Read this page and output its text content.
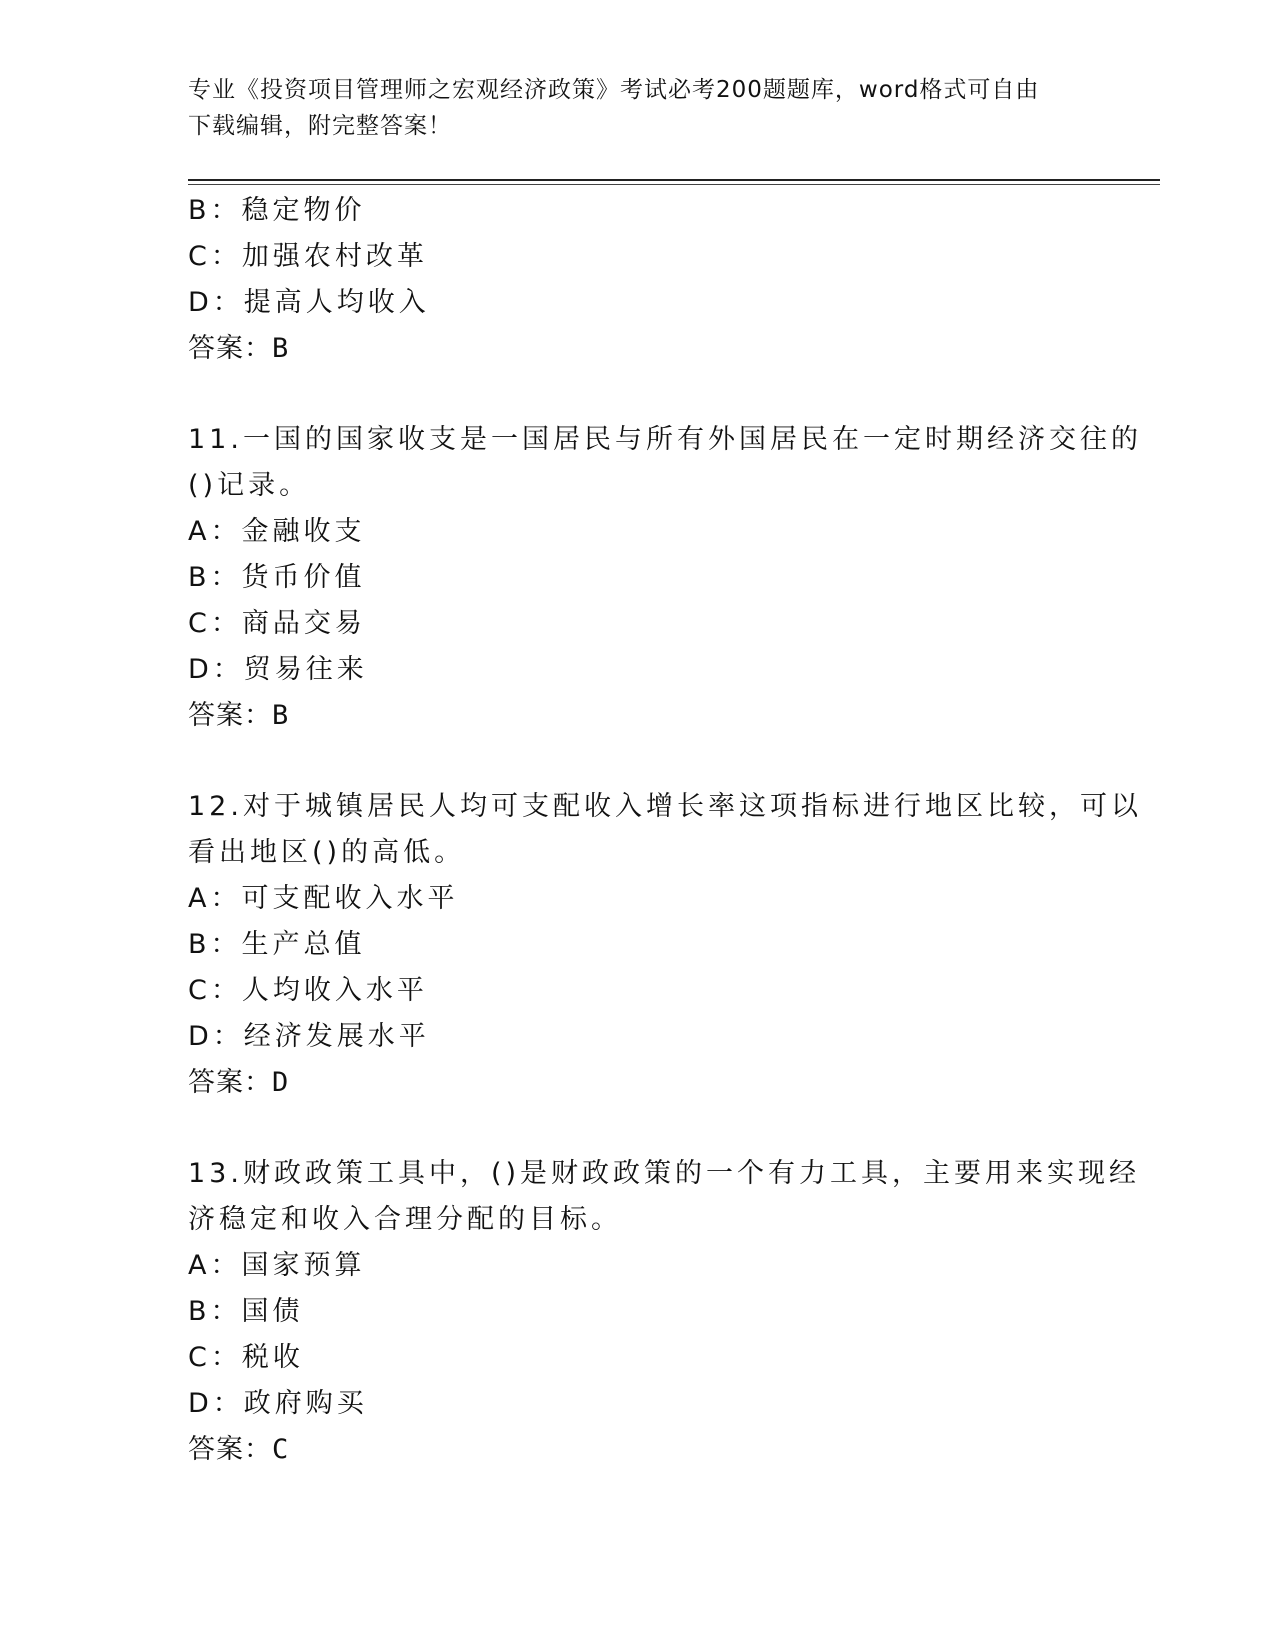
专业《投资项目管理师之宏观经济政策》考试必考200题题库，word格式可自由
下载编辑，附完整答案！
B：稳定物价
C：加强农村改革
D：提高人均收入
答案：B
11.一国的国家收支是一国居民与所有外国居民在一定时期经济交往的
()记录。
A：金融收支
B：货币价值
C：商品交易
D：贸易往来
答案：B
12.对于城镇居民人均可支配收入增长率这项指标进行地区比较，可以
看出地区()的高低。
A：可支配收入水平
B：生产总值
C：人均收入水平
D：经济发展水平
答案：D
13.财政政策工具中，()是财政政策的一个有力工具，主要用来实现经
济稳定和收入合理分配的目标。
A：国家预算
B：国债
C：税收
D：政府购买
答案：C
